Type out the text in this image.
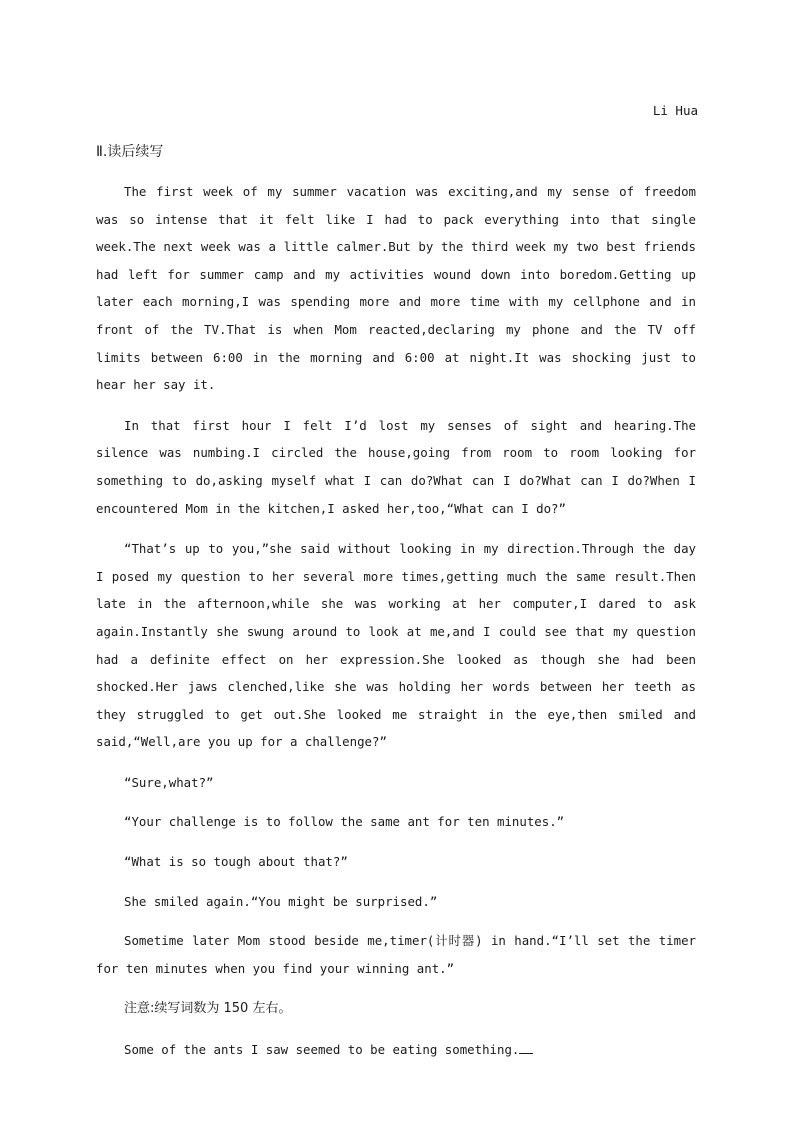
Li Hua

Ⅱ.读后续写

The first week of my summer vacation was exciting,and my sense of freedom was so intense that it felt like I had to pack everything into that single week.The next week was a little calmer.But by the third week my two best friends had left for summer camp and my activities wound down into boredom.Getting up later each morning,I was spending more and more time with my cellphone and in front of the TV.That is when Mom reacted,declaring my phone and the TV off limits between 6:00 in the morning and 6:00 at night.It was shocking just to hear her say it.

In that first hour I felt I’d lost my senses of sight and hearing.The silence was numbing.I circled the house,going from room to room looking for something to do,asking myself what I can do?What can I do?What can I do?When I encountered Mom in the kitchen,I asked her,too,“What can I do?”

“That’s up to you,”she said without looking in my direction.Through the day I posed my question to her several more times,getting much the same result.Then late in the afternoon,while she was working at her computer,I dared to ask again.Instantly she swung around to look at me,and I could see that my question had a definite effect on her expression.She looked as though she had been shocked.Her jaws clenched,like she was holding her words between her teeth as they struggled to get out.She looked me straight in the eye,then smiled and said,“Well,are you up for a challenge?”

“Sure,what?”

“Your challenge is to follow the same ant for ten minutes.”

“What is so tough about that?”

She smiled again.“You might be surprised.”

Sometime later Mom stood beside me,timer(计时器) in hand.“I’ll set the timer for ten minutes when you find your winning ant.”

注意:续写词数为 150 左右。

Some of the ants I saw seemed to be eating something.
